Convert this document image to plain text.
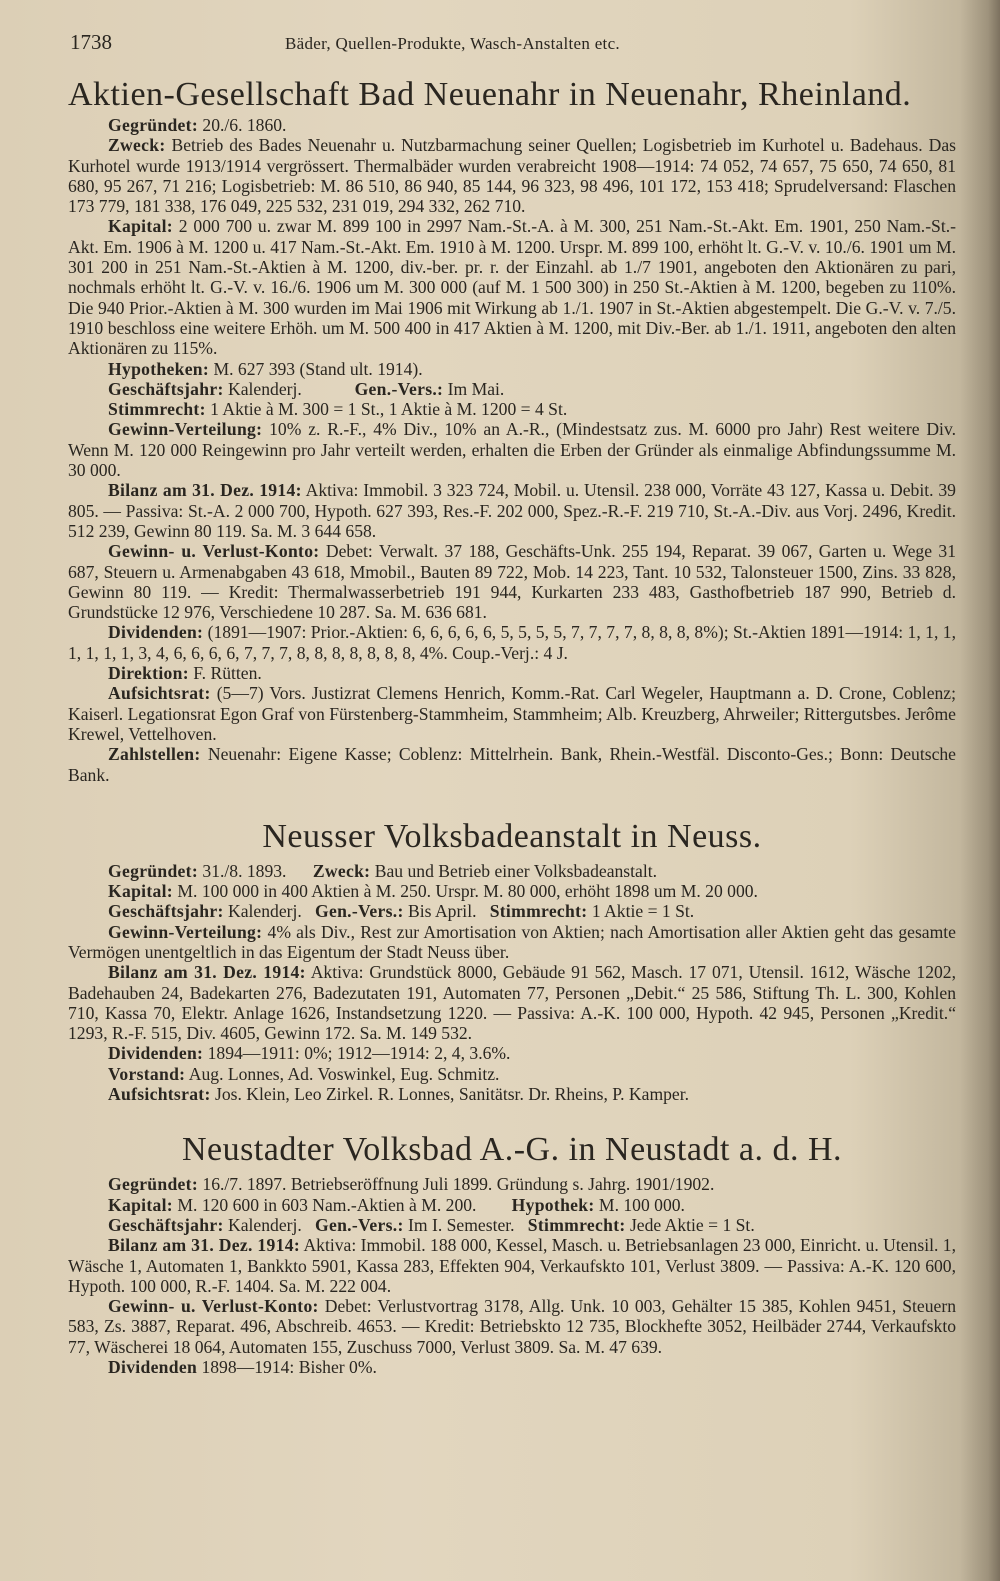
1738	Bäder, Quellen-Produkte, Wasch-Anstalten etc.
Aktien-Gesellschaft Bad Neuenahr in Neuenahr, Rheinland.

Gegründet: 20./6. 1860.

Zweck: Betrieb des Bades Neuenahr u. Nutzbarmachung seiner Quellen; Logisbetrieb im Kurhotel u. Badehaus. Das Kurhotel wurde 1913/1914 vergrössert. Thermalbäder wurden verabreicht 1908—1914: 74 052, 74 657, 75 650, 74 650, 81 680, 95 267, 71 216; Logisbetrieb: M. 86 510, 86 940, 85 144, 96 323, 98 496, 101 172, 153 418; Sprudelversand: Flaschen 173 779, 181 338, 176 049, 225 532, 231 019, 294 332, 262 710.

Kapital: 2 000 700 u. zwar M. 899 100 in 2997 Nam.-St.-A. à M. 300, 251 Nam.-St.-Akt. Em. 1901, 250 Nam.-St.-Akt. Em. 1906 à M. 1200 u. 417 Nam.-St.-Akt. Em. 1910 à M. 1200. Urspr. M. 899 100, erhöht lt. G.-V. v. 10./6. 1901 um M. 301 200 in 251 Nam.-St.-Aktien à M. 1200, div.-ber. pr. r. der Einzahl. ab 1./7 1901, angeboten den Aktionären zu pari, nochmals erhöht lt. G.-V. v. 16./6. 1906 um M. 300 000 (auf M. 1 500 300) in 250 St.-Aktien à M. 1200, begeben zu 110%. Die 940 Prior.-Aktien à M. 300 wurden im Mai 1906 mit Wirkung ab 1./1. 1907 in St.-Aktien abgestempelt. Die G.-V. v. 7./5. 1910 beschloss eine weitere Erhöh. um M. 500 400 in 417 Aktien à M. 1200, mit Div.-Ber. ab 1./1. 1911, angeboten den alten Aktionären zu 115%.

Hypotheken: M. 627 393 (Stand ult. 1914).

Geschäftsjahr: Kalenderj.	Gen.-Vers.: Im Mai.

Stimmrecht: 1 Aktie à M. 300 = 1 St., 1 Aktie à M. 1200 = 4 St.

Gewinn-Verteilung: 10% z. R.-F., 4% Div., 10% an A.-R., (Mindestsatz zus. M. 6000 pro Jahr) Rest weitere Div. Wenn M. 120 000 Reingewinn pro Jahr verteilt werden, erhalten die Erben der Gründer als einmalige Abfindungssumme M. 30 000.

Bilanz am 31. Dez. 1914: Aktiva: Immobil. 3 323 724, Mobil. u. Utensil. 238 000, Vorräte 43 127, Kassa u. Debit. 39 805. — Passiva: St.-A. 2 000 700, Hypoth. 627 393, Res.-F. 202 000, Spez.-R.-F. 219 710, St.-A.-Div. aus Vorj. 2496, Kredit. 512 239, Gewinn 80 119. Sa. M. 3 644 658.

Gewinn- u. Verlust-Konto: Debet: Verwalt. 37 188, Geschäfts-Unk. 255 194, Reparat. 39 067, Garten u. Wege 31 687, Steuern u. Armenabgaben 43 618, Mmobil., Bauten 89 722, Mob. 14 223, Tant. 10 532, Talonsteuer 1500, Zins. 33 828, Gewinn 80 119. — Kredit: Thermalwasserbetrieb 191 944, Kurkarten 233 483, Gasthofbetrieb 187 990, Betrieb d. Grundstücke 12 976, Verschiedene 10 287. Sa. M. 636 681.

Dividenden: (1891—1907: Prior.-Aktien: 6, 6, 6, 6, 6, 5, 5, 5, 5, 7, 7, 7, 7, 8, 8, 8, 8%); St.-Aktien 1891—1914: 1, 1, 1, 1, 1, 1, 1, 3, 4, 6, 6, 6, 6, 7, 7, 7, 8, 8, 8, 8, 8, 8, 8, 4%. Coup.-Verj.: 4 J.

Direktion: F. Rütten.

Aufsichtsrat: (5—7) Vors. Justizrat Clemens Henrich, Komm.-Rat. Carl Wegeler, Hauptmann a. D. Crone, Coblenz; Kaiserl. Legationsrat Egon Graf von Fürstenberg-Stammheim, Stammheim; Alb. Kreuzberg, Ahrweiler; Rittergutsbes. Jerôme Krewel, Vettelhoven.

Zahlstellen: Neuenahr: Eigene Kasse; Coblenz: Mittelrhein. Bank, Rhein.-Westfäl. Disconto-Ges.; Bonn: Deutsche Bank.

Neusser Volksbadeanstalt in Neuss.

Gegründet: 31./8. 1893. Zweck: Bau und Betrieb einer Volksbadeanstalt.

Kapital: M. 100 000 in 400 Aktien à M. 250. Urspr. M. 80 000, erhöht 1898 um M. 20 000.

Geschäftsjahr: Kalenderj. Gen.-Vers.: Bis April. Stimmrecht: 1 Aktie = 1 St.

Gewinn-Verteilung: 4% als Div., Rest zur Amortisation von Aktien; nach Amortisation aller Aktien geht das gesamte Vermögen unentgeltlich in das Eigentum der Stadt Neuss über.

Bilanz am 31. Dez. 1914: Aktiva: Grundstück 8000, Gebäude 91 562, Masch. 17 071, Utensil. 1612, Wäsche 1202, Badehauben 24, Badekarten 276, Badezutaten 191, Automaten 77, Personen „Debit.“ 25 586, Stiftung Th. L. 300, Kohlen 710, Kassa 70, Elektr. Anlage 1626, Instandsetzung 1220. — Passiva: A.-K. 100 000, Hypoth. 42 945, Personen „Kredit.“ 1293, R.-F. 515, Div. 4605, Gewinn 172. Sa. M. 149 532.

Dividenden: 1894—1911: 0%; 1912—1914: 2, 4, 3.6%.

Vorstand: Aug. Lonnes, Ad. Voswinkel, Eug. Schmitz.

Aufsichtsrat: Jos. Klein, Leo Zirkel. R. Lonnes, Sanitätsr. Dr. Rheins, P. Kamper.

Neustadter Volksbad A.-G. in Neustadt a. d. H.

Gegründet: 16./7. 1897. Betriebseröffnung Juli 1899. Gründung s. Jahrg. 1901/1902.

Kapital: M. 120 600 in 603 Nam.-Aktien à M. 200. Hypothek: M. 100 000.

Geschäftsjahr: Kalenderj. Gen.-Vers.: Im I. Semester. Stimmrecht: Jede Aktie = 1 St.

Bilanz am 31. Dez. 1914: Aktiva: Immobil. 188 000, Kessel, Masch. u. Betriebsanlagen 23 000, Einricht. u. Utensil. 1, Wäsche 1, Automaten 1, Bankkto 5901, Kassa 283, Effekten 904, Verkaufskto 101, Verlust 3809. — Passiva: A.-K. 120 600, Hypoth. 100 000, R.-F. 1404. Sa. M. 222 004.

Gewinn- u. Verlust-Konto: Debet: Verlustvortrag 3178, Allg. Unk. 10 003, Gehälter 15 385, Kohlen 9451, Steuern 583, Zs. 3887, Reparat. 496, Abschreib. 4653. — Kredit: Betriebskto 12 735, Blockhefte 3052, Heilbäder 2744, Verkaufskto 77, Wäscherei 18 064, Automaten 155, Zuschuss 7000, Verlust 3809. Sa. M. 47 639.

Dividenden 1898—1914: Bisher 0%.
